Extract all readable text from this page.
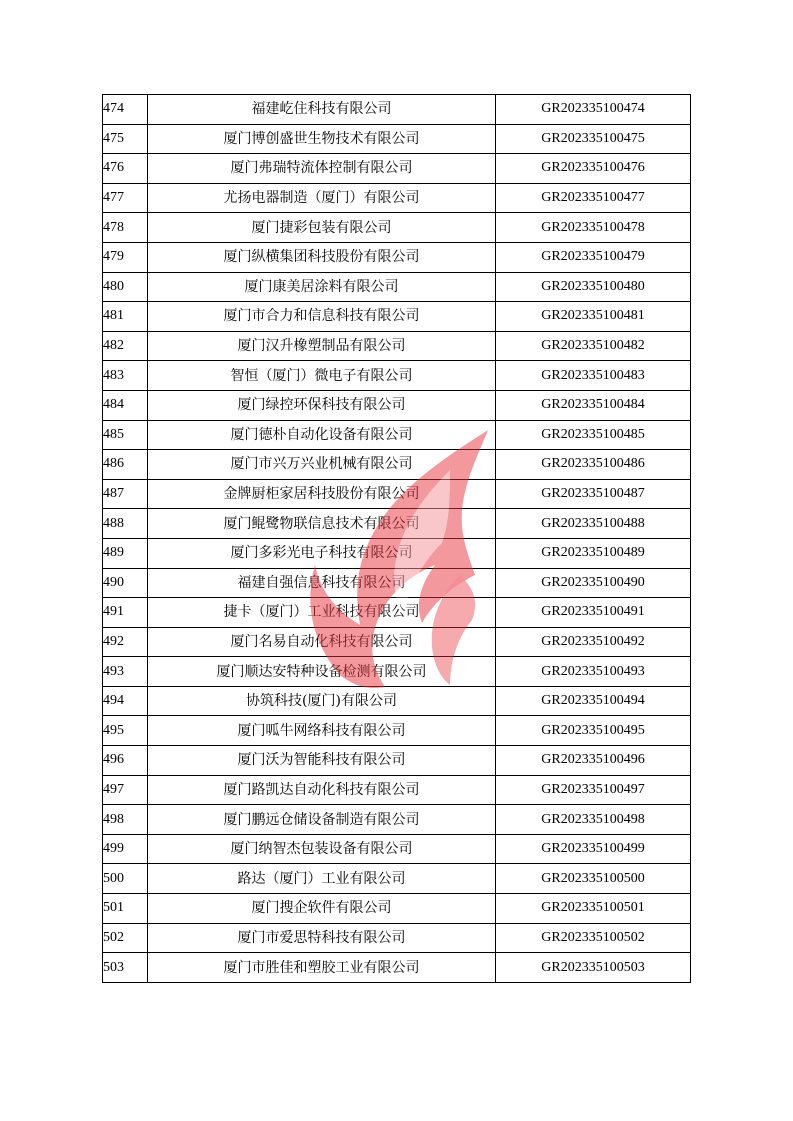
474	福建屹住科技有限公司	GR202335100474
475	厦门博创盛世生物技术有限公司	GR202335100475
476	厦门弗瑞特流体控制有限公司	GR202335100476
477	尤扬电器制造（厦门）有限公司	GR202335100477
478	厦门捷彩包装有限公司	GR202335100478
479	厦门纵横集团科技股份有限公司	GR202335100479
480	厦门康美居涂料有限公司	GR202335100480
481	厦门市合力和信息科技有限公司	GR202335100481
482	厦门汉升橡塑制品有限公司	GR202335100482
483	智恒（厦门）微电子有限公司	GR202335100483
484	厦门绿控环保科技有限公司	GR202335100484
485	厦门德朴自动化设备有限公司	GR202335100485
486	厦门市兴万兴业机械有限公司	GR202335100486
487	金牌厨柜家居科技股份有限公司	GR202335100487
488	厦门鲲鹭物联信息技术有限公司	GR202335100488
489	厦门多彩光电子科技有限公司	GR202335100489
490	福建自强信息科技有限公司	GR202335100490
491	捷卡（厦门）工业科技有限公司	GR202335100491
492	厦门名易自动化科技有限公司	GR202335100492
493	厦门顺达安特种设备检测有限公司	GR202335100493
494	协筑科技(厦门)有限公司	GR202335100494
495	厦门呱牛网络科技有限公司	GR202335100495
496	厦门沃为智能科技有限公司	GR202335100496
497	厦门路凯达自动化科技有限公司	GR202335100497
498	厦门鹏远仓储设备制造有限公司	GR202335100498
499	厦门纳智杰包装设备有限公司	GR202335100499
500	路达（厦门）工业有限公司	GR202335100500
501	厦门搜企软件有限公司	GR202335100501
502	厦门市爱思特科技有限公司	GR202335100502
503	厦门市胜佳和塑胶工业有限公司	GR202335100503
